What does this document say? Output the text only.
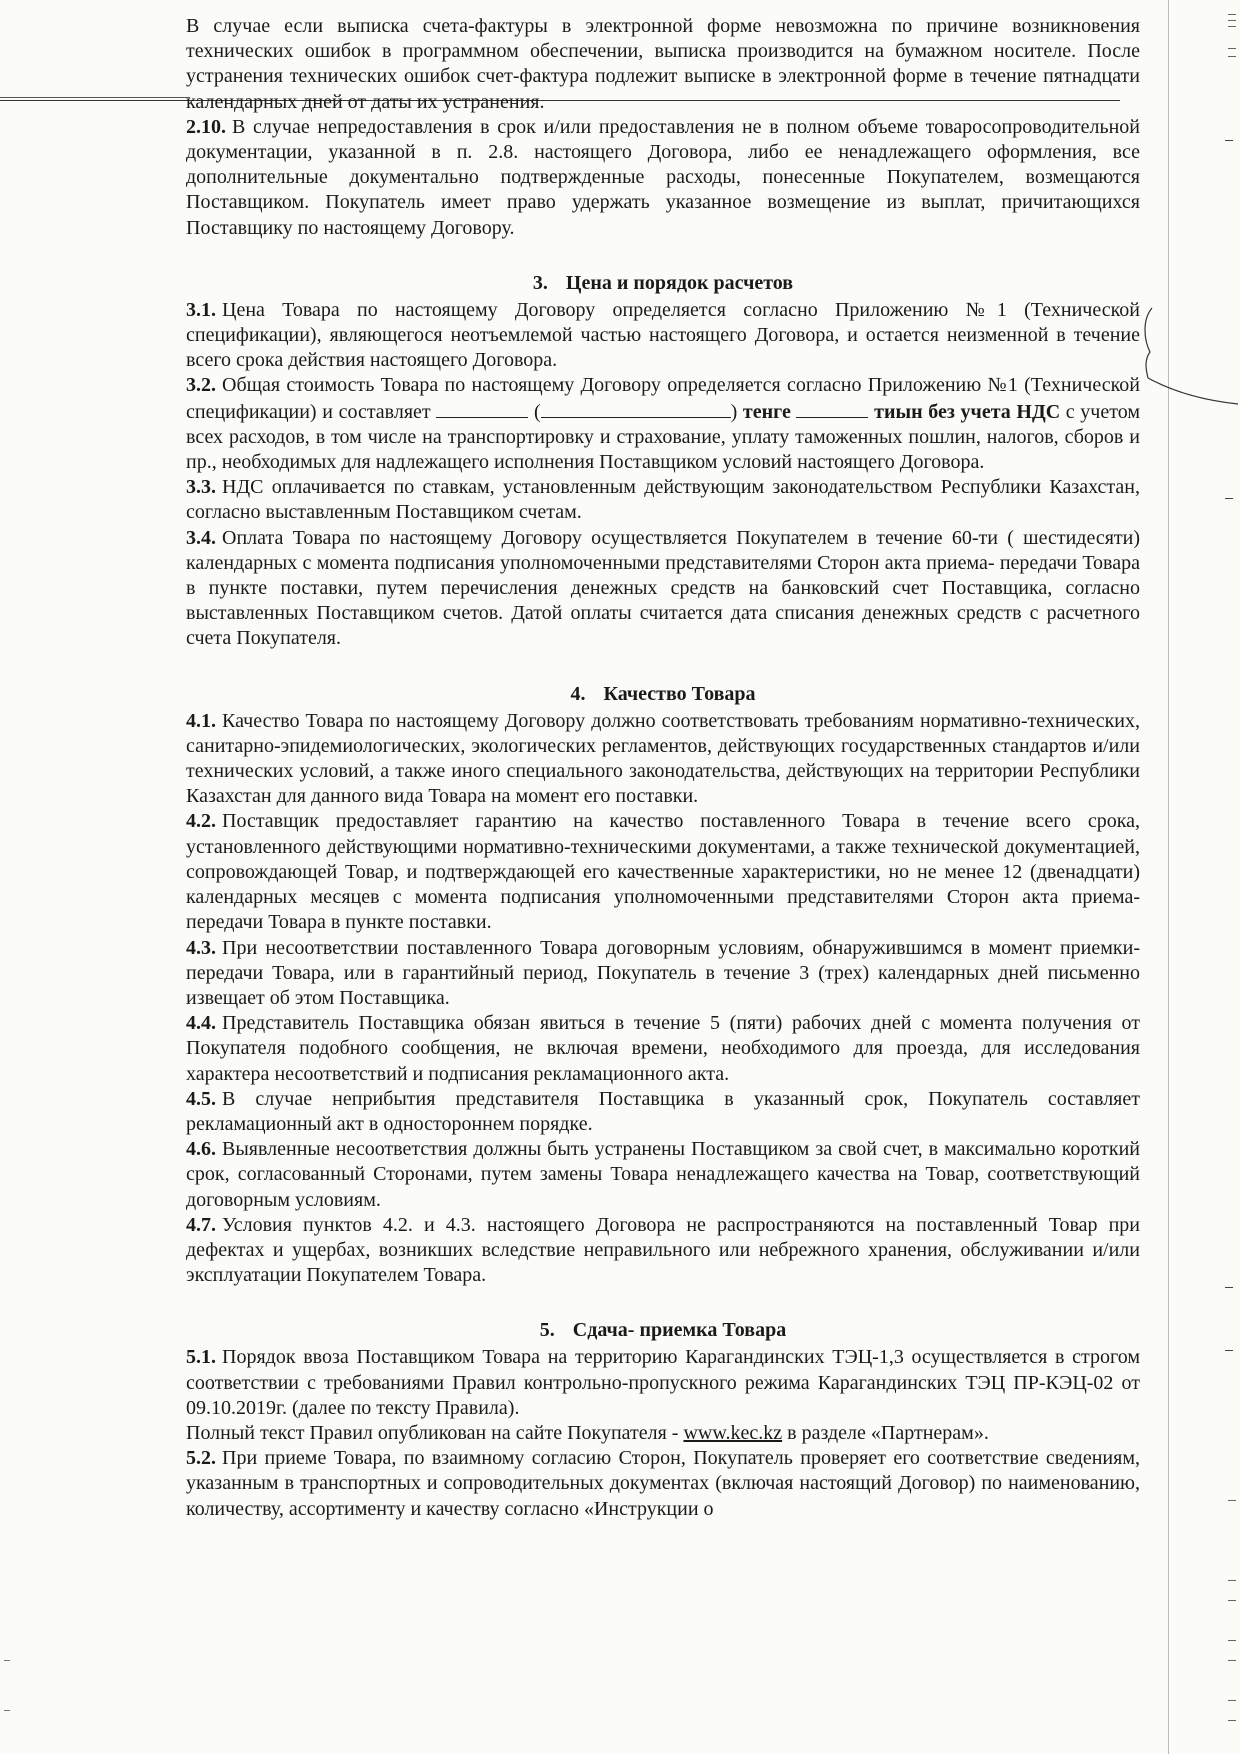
В случае если выписка счета-фактуры в электронной форме невозможна по причине возникновения технических ошибок в программном обеспечении, выписка производится на бумажном носителе. После устранения технических ошибок счет-фактура подлежит выписке в электронной форме в течение пятнадцати календарных дней от даты их устранения.

2.10. В случае непредоставления в срок и/или предоставления не в полном объеме товаросопроводительной документации, указанной в п. 2.8. настоящего Договора, либо ее ненадлежащего оформления, все дополнительные документально подтвержденные расходы, понесенные Покупателем, возмещаются Поставщиком. Покупатель имеет право удержать указанное возмещение из выплат, причитающихся Поставщику по настоящему Договору.

3. Цена и порядок расчетов

3.1. Цена Товара по настоящему Договору определяется согласно Приложению №1 (Технической спецификации), являющегося неотъемлемой частью настоящего Договора, и остается неизменной в течение всего срока действия настоящего Договора.

3.2. Общая стоимость Товара по настоящему Договору определяется согласно Приложению №1 (Технической спецификации) и составляет	(	) тенге	тиын без учета НДС с учетом всех расходов, в том числе на транспортировку и страхование, уплату таможенных пошлин, налогов, сборов и пр., необходимых для надлежащего исполнения Поставщиком условий настоящего Договора.

3.3. НДС оплачивается по ставкам, установленным действующим законодательством Республики Казахстан, согласно выставленным Поставщиком счетам.

3.4. Оплата Товара по настоящему Договору осуществляется Покупателем в течение 60-ти ( шестидесяти) календарных с момента подписания уполномоченными представителями Сторон акта приема- передачи Товара в пункте поставки, путем перечисления денежных средств на банковский счет Поставщика, согласно выставленных Поставщиком счетов. Датой оплаты считается дата списания денежных средств с расчетного счета Покупателя.

4. Качество Товара

4.1. Качество Товара по настоящему Договору должно соответствовать требованиям нормативно-технических, санитарно-эпидемиологических, экологических регламентов, действующих государственных стандартов и/или технических условий, а также иного специального законодательства, действующих на территории Республики Казахстан для данного вида Товара на момент его поставки.

4.2. Поставщик предоставляет гарантию на качество поставленного Товара в течение всего срока, установленного действующими нормативно-техническими документами, а также технической документацией, сопровождающей Товар, и подтверждающей его качественные характеристики, но не менее 12 (двенадцати) календарных месяцев с момента подписания уполномоченными представителями Сторон акта приема-передачи Товара в пункте поставки.

4.3. При несоответствии поставленного Товара договорным условиям, обнаружившимся в момент приемки-передачи Товара, или в гарантийный период, Покупатель в течение 3 (трех) календарных дней письменно извещает об этом Поставщика.

4.4. Представитель Поставщика обязан явиться в течение 5 (пяти) рабочих дней с момента получения от Покупателя подобного сообщения, не включая времени, необходимого для проезда, для исследования характера несоответствий и подписания рекламационного акта.

4.5. В случае неприбытия представителя Поставщика в указанный срок, Покупатель составляет рекламационный акт в одностороннем порядке.

4.6. Выявленные несоответствия должны быть устранены Поставщиком за свой счет, в максимально короткий срок, согласованный Сторонами, путем замены Товара ненадлежащего качества на Товар, соответствующий договорным условиям.

4.7. Условия пунктов 4.2. и 4.3. настоящего Договора не распространяются на поставленный Товар при дефектах и ущербах, возникших вследствие неправильного или небрежного хранения, обслуживании и/или эксплуатации Покупателем Товара.

5. Сдача- приемка Товара

5.1. Порядок ввоза Поставщиком Товара на территорию Карагандинских ТЭЦ-1,3 осуществляется в строгом соответствии с требованиями Правил контрольно-пропускного режима Карагандинских ТЭЦ ПР-КЭЦ-02 от 09.10.2019г. (далее по тексту Правила).

Полный текст Правил опубликован на сайте Покупателя - www.kec.kz в разделе «Партнерам».

5.2. При приеме Товара, по взаимному согласию Сторон, Покупатель проверяет его соответствие сведениям, указанным в транспортных и сопроводительных документах (включая настоящий Договор) по наименованию, количеству, ассортименту и качеству согласно «Инструкции о
